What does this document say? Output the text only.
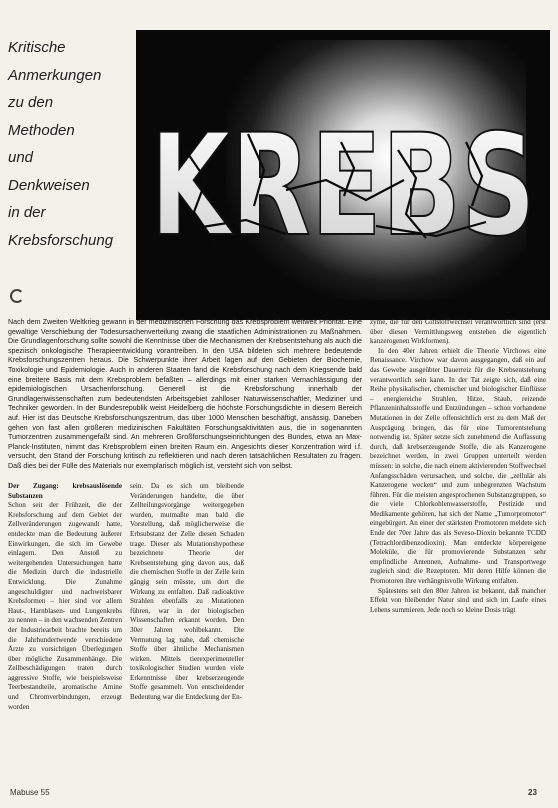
Kritische
Anmerkungen
zu den
Methoden
und
Denkweisen
in der
Krebsforschung KREBS
Nach dem Zweiten Weltkrieg gewann in der medizinischen Forschung das Krebsproblem weltweit Priorität. Eine gewaltige Verschiebung der Todesursachenverteilung zwang die staatlichen Administrationen zu Maßnahmen. Die Grundlagenforschung sollte sowohl die Kenntnisse über die Mechanismen der Krebsentstehung als auch die speziisch onkologische Therapieentwicklung vorantreiben. In den USA bildeten sich mehrere bedeutende Krebsforschungszentren heraus. Die Schwerpunkte ihrer Arbeit lagen auf den Gebieten der Biochemie, Toxikologie und Epidemiologie. Auch in anderen Staaten fand die Krebsforschung nach dem Kriegsende bald eine breitere Basis mit dem Krebsproblem befaßten – allerdings mit einer starken Vernachlässigung der epidemiologischen Ursachenforschung. Generell ist die Krebsforschung innerhalb der Grundlagenwissenschaften zum bedeutendsten Arbeitsgebiet zahlloser Naturwissenschaftler, Mediziner und Techniker geworden. In der Bundesrepublik weist Heidelberg die höchste Forschungsdichte in diesem Bereich auf. Hier ist das Deutsche Krebsforschungszentrum, das über 1000 Menschen beschäftigt, ansässig. Daneben gehen von fast allen größeren medizinischen Fakultäten Forschungsaktivitäten aus, die in sogenannten Tumorzentren zusammengefaßt sind. An mehreren Großforschungseinrichtungen des Bundes, etwa an Max-Planck-Instituten, nimmt das Krebsproblem einen breiten Raum ein. Angesichts dieser Konzentration wird i.f. versucht, den Stand der Forschung kritisch zu reflektieren und nach deren tatsächlichen Resultaten zu fragen. Daß dies bei der Fülle des Materials nur exemplarisch möglich ist, versteht sich von selbst.

Der Zugang: krebsauslösende Substanzen

Schon seit der Frühzeit, die der Krebsforschung auf dem Gebiet der Zellveränderungen zugewandt hatte, entdeckte man die Bedeutung äußerer Einwirkungen, die sich im Gewebe einlagern. Den Anstoß zu weitergehenden Untersuchungen hatte die Medizin durch die industrielle Entwicklung. Die Zunahme angeschuldigter und nachweisbarer Krebsformen – hier sind vor allem Haut-, Harnblasen- und Lungenkrebs zu nennen – in den wachsenden Zentren der Industriearbeit brachte bereits um die Jahrhundertwende verschiedene Ärzte zu vorsichtigen Überlegungen über mögliche Zusammenhänge. Die Zellbeschädigungen traten durch aggressive Stoffe, wie beispielsweise Teerbestandteile, aromatische Amine und Chromverbindungen, erzeugt worden

sein. Da es sich um bleibende Veränderungen handelte, die über Zellteilungsvorgänge weitergegeben wurden, mutmaßte man bald die Vorstellung, daß möglicherweise die Erbsubstanz der Zelle diesen Schaden trage. Dieser als Mutationshypothese bezeichnete Theorie der Krebsentstehung ging davon aus, daß die chemischen Stoffe in der Zelle kein gängig sein müsste, um dort die Wirkung zu entfalten. Daß radioaktive Strahlen ebenfalls zu Mutationen führen, war in der biologischen Wissenschaften erkannt worden. Den 30er Jahren wohlbekannt. Die Vermutung lag nahe, daß chemische Stoffe über ähnliche Mechanismen wirken. Mittels tierexperimenteller toxikologischer Studien wurden viele Erkenntnisse über krebserzeugende Stoffe gesammelt. Von entscheidender Bedeutung war die Entdeckung der En-

zyme, die für den Giftstoffwechsel verantwortlich sind (erst über diesen Vermittlungsweg entstehen die eigentlich kanzerogenen Wirkformen).

In den 40er Jahren erhielt die Theorie Virchows eine Renaissance. Virchow war davon ausgegangen, daß ein auf das Gewebe ausgeübter Dauerreiz für die Krebsentstehung verantwortlich sein kann. In der Tat zeigte sich, daß eine Reihe physikalischer, chemischer und biologischer Einflüsse – energiereiche Strahlen, Hitze, Staub, reizende Pflanzeninhaltsstoffe und Entzündungen – schon vorhandene Mutationen in der Zelle offensichtlich erst zu dem Maß der Ausprägung bringen, das für eine Tumorentstehung notwendig ist. Später setzte sich zunehmend die Auffassung durch, daß krebserzeugende Stoffe, die als Kanzerogene bezeichnet werden, in zwei Gruppen unterteilt werden müssen: in solche, die nach einem aktivierenden Stoffwechsel Anfangsschäden verursachen, und solche, die „zellulär als Kanzerogene wecken“ und zum unbegrenzten Wachstum führen. Für die meisten angesprochenen Substanzgruppen, so die viele Chlorkohlenwasserstoffe, Pestizide und Medikamente gehören, hat sich der Name „Tumorpromotor“ eingebürgert. An einer der stärksten Promotoren meldete sich Ende der 70er Jahre das als Seveso-Dioxin bekannte TCDD (Tetrachlordibenzodioxin). Man entdeckte körpereigene Moleküle, die für promovierende Substanzen sehr empfindliche Antennen, Aufnahme- und Transportwege zugleich sind: die Rezeptoren. Mit deren Hilfe können die Promotoren ihre verhängnisvolle Wirkung entfalten.

Spätestens seit den 80er Jahren ist bekannt, daß mancher Effekt von bleibender Natur sind und sich im Laufe eines Lebens summieren. Jede noch so kleine Dosis trägt

Mabuse 55	23
